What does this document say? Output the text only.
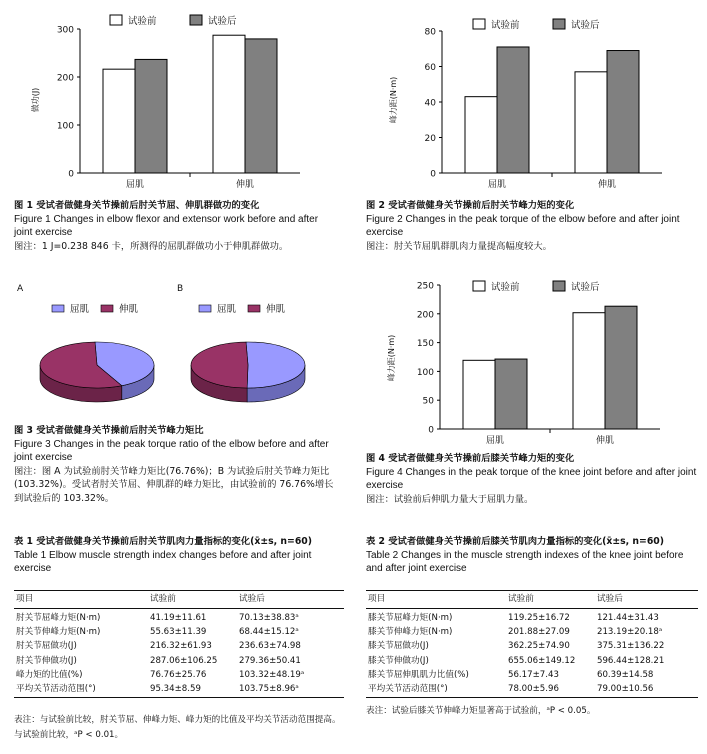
试验前	试验后
做功(J)
0
100
200
300
屈肌	伸肌
图 1 受试者做健身关节操前后肘关节屈、伸肌群做功的变化
Figure 1 Changes in elbow flexor and extensor work before and after joint exercise
图注：1 J=0.238 846 卡，所测得的屈肌群做功小于伸肌群做功。
试验前	试验后
峰力距(N·m)
0
20
40
60
80
屈肌	伸肌
图 2 受试者做健身关节操前后肘关节峰力矩的变化
Figure 2 Changes in the peak torque of the elbow before and after joint exercise
图注：肘关节屈肌群肌肉力量提高幅度较大。
A	B
屈肌	伸肌	屈肌	伸肌
图 3 受试者做健身关节操前后肘关节峰力矩比
Figure 3 Changes in the peak torque ratio of the elbow before and after joint exercise
图注：图 A 为试验前肘关节峰力矩比(76.76%)；B 为试验后肘关节峰力矩比(103.32%)。受试者肘关节屈、伸肌群的峰力矩比，由试验前的 76.76%增长到试验后的 103.32%。
试验前	试验后
峰力距(N·m)
0
50
100
150
200
250
屈肌	伸肌
图 4 受试者做健身关节操前后膝关节峰力矩的变化
Figure 4 Changes in the peak torque of the knee joint before and after joint exercise
图注：试验前后伸肌力量大于屈肌力量。
表 1 受试者做健身关节操前后肘关节肌肉力量指标的变化(x̄±s, n=60)
Table 1 Elbow muscle strength index changes before and after joint exercise
项目	试验前	试验后
肘关节屈峰力矩(N·m)	41.19±11.61	70.13±38.83ᵃ
肘关节伸峰力矩(N·m)	55.63±11.39	68.44±15.12ᵃ
肘关节屈做功(J)	216.32±61.93	236.63±74.98
肘关节伸做功(J)	287.06±106.25	279.36±50.41
峰力矩的比值(%)	76.76±25.76	103.32±48.19ᵃ
平均关节活动范围(°)	95.34±8.59	103.75±8.96ᵃ
表注：与试验前比较，肘关节屈、伸峰力矩、峰力矩的比值及平均关节活动范围提高。与试验前比较，ᵃP < 0.01。
表 2 受试者做健身关节操前后膝关节肌肉力量指标的变化(x̄±s, n=60)
Table 2 Changes in the muscle strength indexes of the knee joint before and after joint exercise
项目	试验前	试验后
膝关节屈峰力矩(N·m)	119.25±16.72	121.44±31.43
膝关节伸峰力矩(N·m)	201.88±27.09	213.19±20.18ᵃ
膝关节屈做功(J)	362.25±74.90	375.31±136.22
膝关节伸做功(J)	655.06±149.12	596.44±128.21
膝关节屈伸肌肌力比值(%)	56.17±7.43	60.39±14.58
平均关节活动范围(°)	78.00±5.96	79.00±10.56
表注：试验后膝关节伸峰力矩显著高于试验前，ᵃP < 0.05。
